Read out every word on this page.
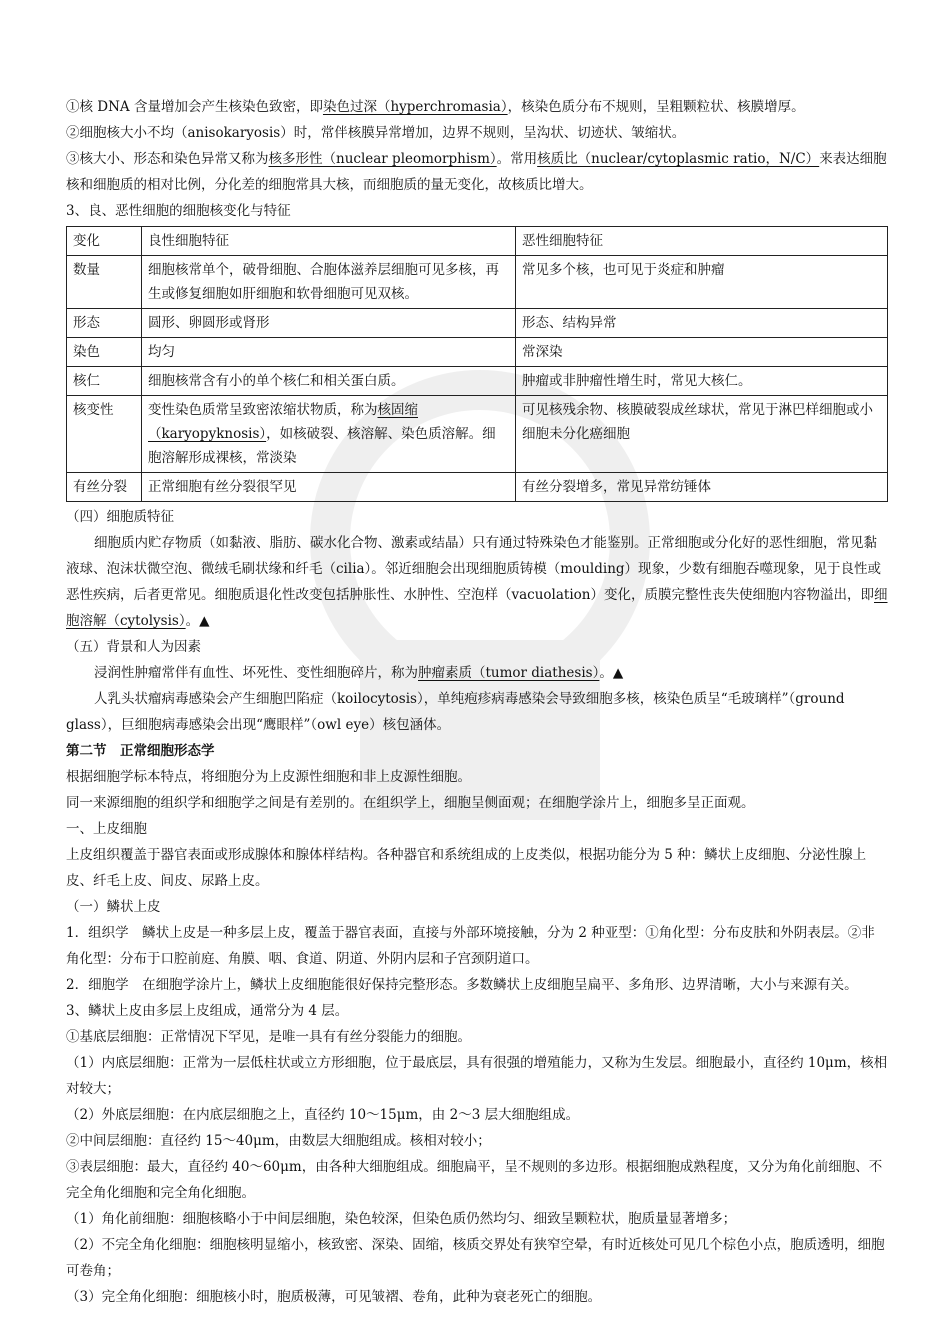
①核 DNA 含量增加会产生核染色致密，即染色过深（hyperchromasia），核染色质分布不规则，呈粗颗粒状、核膜增厚。

②细胞核大小不均（anisokaryosis）时，常伴核膜异常增加，边界不规则，呈沟状、切迹状、皱缩状。

③核大小、形态和染色异常又称为核多形性（nuclear pleomorphism）。常用核质比（nuclear/cytoplasmic ratio，N/C）来表达细胞核和细胞质的相对比例，分化差的细胞常具大核，而细胞质的量无变化，故核质比增大。

3、良、恶性细胞的细胞核变化与特征

变化	良性细胞特征	恶性细胞特征
数量	细胞核常单个，破骨细胞、合胞体滋养层细胞可见多核，再生或修复细胞如肝细胞和软骨细胞可见双核。	常见多个核，也可见于炎症和肿瘤
形态	圆形、卵圆形或肾形	形态、结构异常
染色	均匀	常深染
核仁	细胞核常含有小的单个核仁和相关蛋白质。	肿瘤或非肿瘤性增生时，常见大核仁。
核变性	变性染色质常呈致密浓缩状物质，称为核固缩（karyopyknosis），如核破裂、核溶解、染色质溶解。细胞溶解形成裸核，常淡染	可见核残余物、核膜破裂成丝球状，常见于淋巴样细胞或小细胞未分化癌细胞
有丝分裂	正常细胞有丝分裂很罕见	有丝分裂增多，常见异常纺锤体

（四）细胞质特征

细胞质内贮存物质（如黏液、脂肪、碳水化合物、激素或结晶）只有通过特殊染色才能鉴别。正常细胞或分化好的恶性细胞，常见黏液球、泡沫状微空泡、微绒毛刷状缘和纤毛（cilia）。邻近细胞会出现细胞质铸模（moulding）现象，少数有细胞吞噬现象，见于良性或恶性疾病，后者更常见。细胞质退化性改变包括肿胀性、水肿性、空泡样（vacuolation）变化，质膜完整性丧失使细胞内容物溢出，即细胞溶解（cytolysis）。▲

（五）背景和人为因素

浸润性肿瘤常伴有血性、坏死性、变性细胞碎片，称为肿瘤素质（tumor diathesis）。▲

人乳头状瘤病毒感染会产生细胞凹陷症（koilocytosis），单纯疱疹病毒感染会导致细胞多核，核染色质呈“毛玻璃样”（ground glass），巨细胞病毒感染会出现“鹰眼样”（owl eye）核包涵体。

第二节　正常细胞形态学

根据细胞学标本特点，将细胞分为上皮源性细胞和非上皮源性细胞。

同一来源细胞的组织学和细胞学之间是有差别的。在组织学上，细胞呈侧面观；在细胞学涂片上，细胞多呈正面观。

一、上皮细胞

上皮组织覆盖于器官表面或形成腺体和腺体样结构。各种器官和系统组成的上皮类似，根据功能分为 5 种：鳞状上皮细胞、分泌性腺上皮、纤毛上皮、间皮、尿路上皮。

（一）鳞状上皮

1．组织学　鳞状上皮是一种多层上皮，覆盖于器官表面，直接与外部环境接触，分为 2 种亚型：①角化型：分布皮肤和外阴表层。②非角化型：分布于口腔前庭、角膜、咽、食道、阴道、外阴内层和子宫颈阴道口。

2．细胞学　在细胞学涂片上，鳞状上皮细胞能很好保持完整形态。多数鳞状上皮细胞呈扁平、多角形、边界清晰，大小与来源有关。

3、鳞状上皮由多层上皮组成，通常分为 4 层。

①基底层细胞：正常情况下罕见，是唯一具有有丝分裂能力的细胞。

（1）内底层细胞：正常为一层低柱状或立方形细胞，位于最底层，具有很强的增殖能力，又称为生发层。细胞最小，直径约 10μm，核相对较大；

（2）外底层细胞：在内底层细胞之上，直径约 10～15μm，由 2～3 层大细胞组成。

②中间层细胞：直径约 15～40μm，由数层大细胞组成。核相对较小；

③表层细胞：最大，直径约 40～60μm，由各种大细胞组成。细胞扁平，呈不规则的多边形。根据细胞成熟程度，又分为角化前细胞、不完全角化细胞和完全角化细胞。

（1）角化前细胞：细胞核略小于中间层细胞，染色较深，但染色质仍然均匀、细致呈颗粒状，胞质量显著增多；

（2）不完全角化细胞：细胞核明显缩小，核致密、深染、固缩，核质交界处有狭窄空晕，有时近核处可见几个棕色小点，胞质透明，细胞可卷角；

（3）完全角化细胞：细胞核小时，胞质极薄，可见皱褶、卷角，此种为衰老死亡的细胞。
